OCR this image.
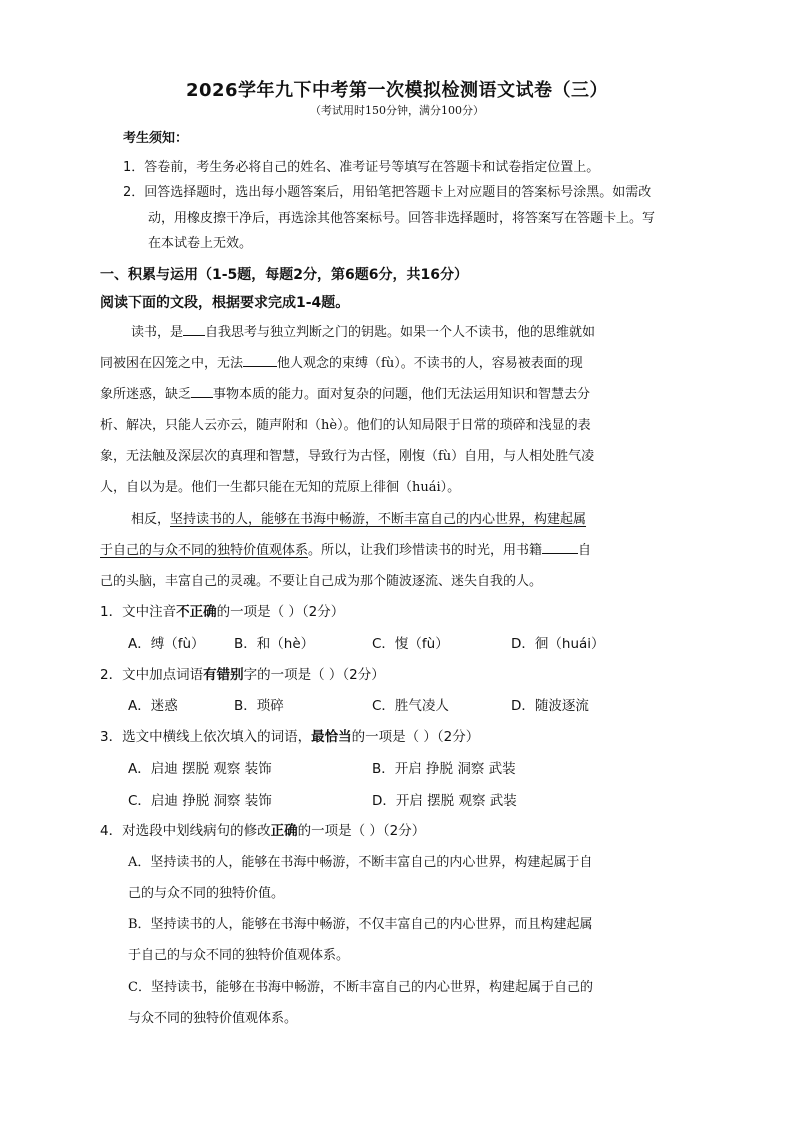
2026学年九下中考第一次模拟检测语文试卷（三）
（考试用时150分钟，满分100分）
考生须知：
1．答卷前，考生务必将自己的姓名、准考证号等填写在答题卡和试卷指定位置上。
2．回答选择题时，选出每小题答案后，用铅笔把答题卡上对应题目的答案标号涂黑。如需改
动，用橡皮擦干净后，再选涂其他答案标号。回答非选择题时，将答案写在答题卡上。写
在本试卷上无效。
一、积累与运用（1-5题，每题2分，第6题6分，共16分）
阅读下面的文段，根据要求完成1-4题。
读书，是 自我思考与独立判断之门的钥匙。如果一个人不读书，他的思维就如
同被困在囚笼之中，无法	他人观念的束缚（fù）。不读书的人，容易被表面的现
象所迷惑，缺乏 事物本质的能力。面对复杂的问题，他们无法运用知识和智慧去分
析、解决，只能人云亦云，随声附和（hè）。他们的认知局限于日常的琐碎和浅显的表
象，无法触及深层次的真理和智慧，导致行为古怪，刚愎（fù）自用，与人相处胜气凌
人，自以为是。他们一生都只能在无知的荒原上徘徊（huái）。
相反，坚持读书的人，能够在书海中畅游，不断丰富自己的内心世界，构建起属
于自己的与众不同的独特价值观体系。所以，让我们珍惜读书的时光，用书籍	自
己的头脑，丰富自己的灵魂。不要让自己成为那个随波逐流、迷失自我的人。
1．文中注音不正确的一项是（ ）（2分）
A．缚（fù） B．和（hè）	C．愎（fù）	D．徊（huái）
2．文中加点词语有错别字的一项是（ ）（2分）
A．迷惑	B．琐碎	C．胜气凌人	D．随波逐流
3．选文中横线上依次填入的词语，最恰当的一项是（ ）（2分）
A．启迪 摆脱 观察 装饰	B．开启 挣脱 洞察 武装
C．启迪 挣脱 洞察 装饰	D．开启 摆脱 观察 武装
4．对选段中划线病句的修改正确的一项是（ ）（2分）
A．坚持读书的人，能够在书海中畅游，不断丰富自己的内心世界，构建起属于自
己的与众不同的独特价值。
B．坚持读书的人，能够在书海中畅游，不仅丰富自己的内心世界，而且构建起属
于自己的与众不同的独特价值观体系。
C．坚持读书，能够在书海中畅游，不断丰富自己的内心世界，构建起属于自己的
与众不同的独特价值观体系。
